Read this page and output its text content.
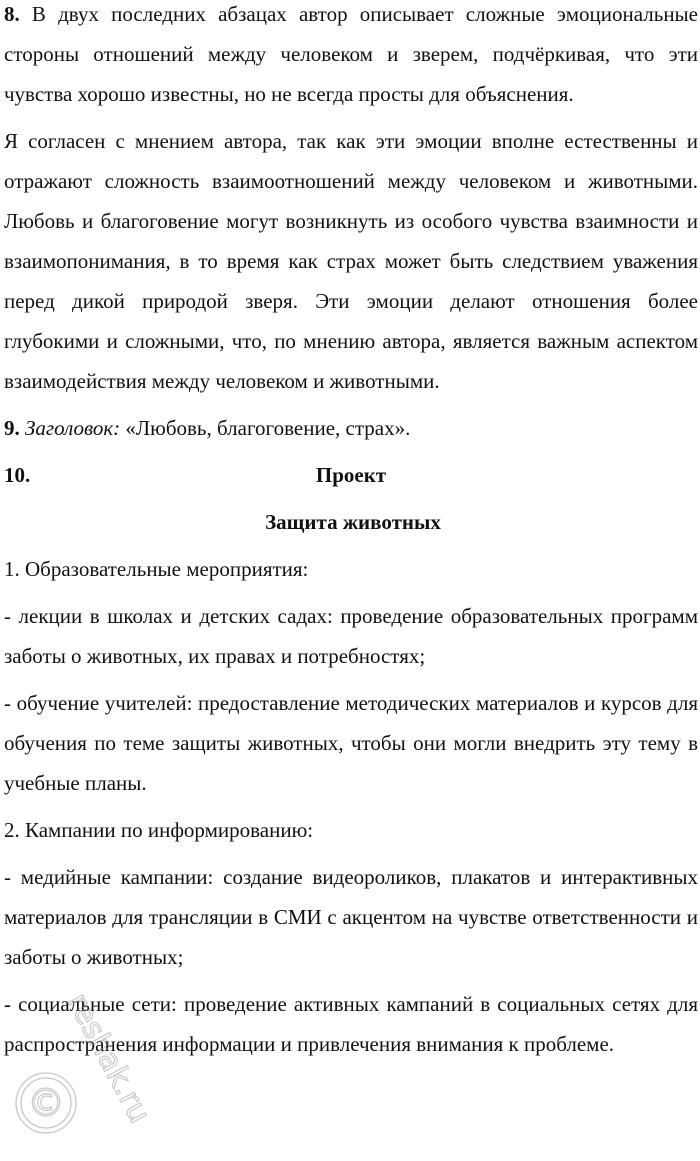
8. В двух последних абзацах автор описывает сложные эмоциональные стороны отношений между человеком и зверем, подчёркивая, что эти чувства хорошо известны, но не всегда просты для объяснения.

Я согласен с мнением автора, так как эти эмоции вполне естественны и отражают сложность взаимоотношений между человеком и животными. Любовь и благоговение могут возникнуть из особого чувства взаимности и взаимопонимания, в то время как страх может быть следствием уважения перед дикой природой зверя. Эти эмоции делают отношения более глубокими и сложными, что, по мнению автора, является важным аспектом взаимодействия между человеком и животными.

9. Заголовок: «Любовь, благоговение, страх».

10.	Проект
Защита животных

1. Образовательные мероприятия:

- лекции в школах и детских садах: проведение образовательных программ заботы о животных, их правах и потребностях;

- обучение учителей: предоставление методических материалов и курсов для обучения по теме защиты животных, чтобы они могли внедрить эту тему в учебные планы.

2. Кампании по информированию:

- медийные кампании: создание видеороликов, плакатов и интерактивных материалов для трансляции в СМИ с акцентом на чувстве ответственности и заботы о животных;

- социальные сети: проведение активных кампаний в социальных сетях для распространения информации и привлечения внимания к проблеме.

©
reshak.ru
